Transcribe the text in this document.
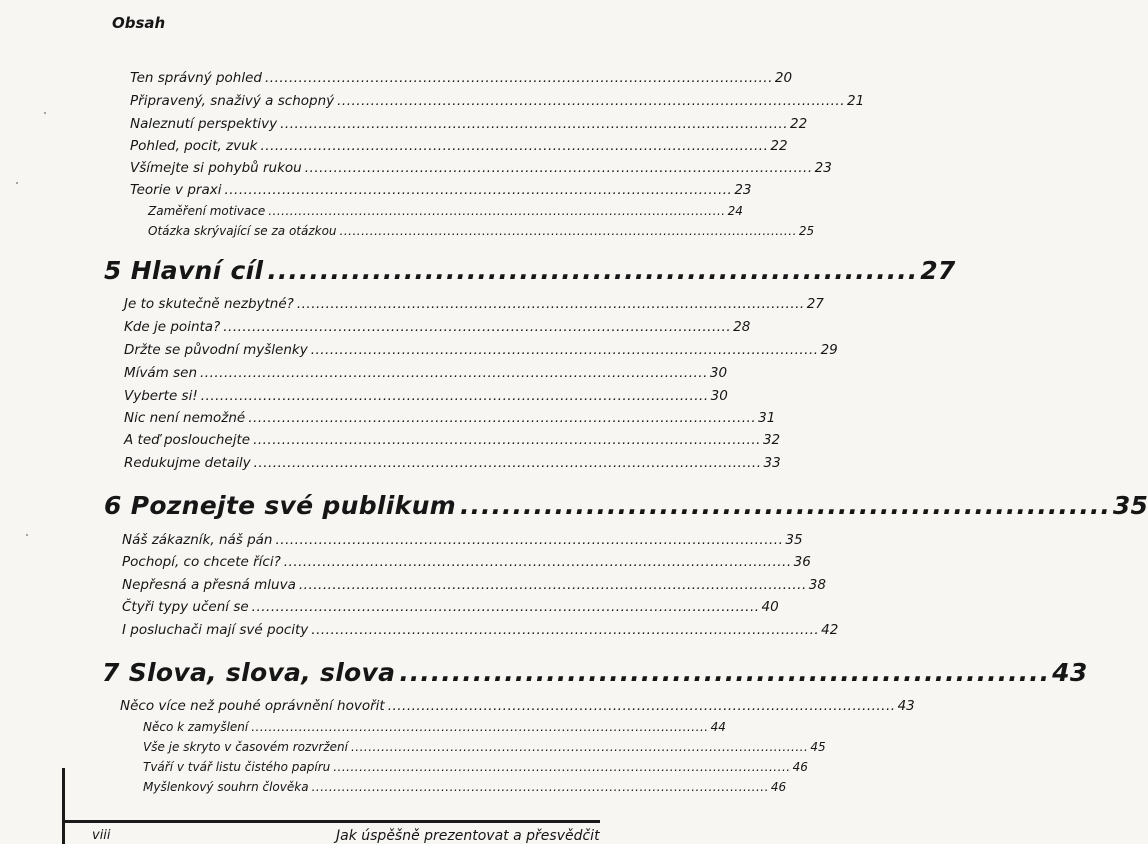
Obsah
Ten správný pohled .......................................................................................................... 20
Připravený, snaživý a schopný .......................................................................................................... 21
Naleznutí perspektivy .......................................................................................................... 22
Pohled, pocit, zvuk .......................................................................................................... 22
Všímejte si pohybů rukou .......................................................................................................... 23
Teorie v praxi .......................................................................................................... 23
Zaměření motivace .......................................................................................................... 24
Otázka skrývající se za otázkou .......................................................................................................... 25
5 Hlavní cíl .............................................................. 27
Je to skutečně nezbytné? .......................................................................................................... 27
Kde je pointa? .......................................................................................................... 28
Držte se původní myšlenky .......................................................................................................... 29
Mívám sen .......................................................................................................... 30
Vyberte si! .......................................................................................................... 30
Nic není nemožné .......................................................................................................... 31
A teď poslouchejte .......................................................................................................... 32
Redukujme detaily .......................................................................................................... 33
6 Poznejte své publikum .............................................................. 35
Náš zákazník, náš pán .......................................................................................................... 35
Pochopí, co chcete říci? .......................................................................................................... 36
Nepřesná a přesná mluva .......................................................................................................... 38
Čtyři typy učení se .......................................................................................................... 40
I posluchači mají své pocity .......................................................................................................... 42
7 Slova, slova, slova .............................................................. 43
Něco více než pouhé oprávnění hovořit .......................................................................................................... 43
Něco k zamyšlení .......................................................................................................... 44
Vše je skryto v časovém rozvržení .......................................................................................................... 45
Tváří v tvář listu čistého papíru .......................................................................................................... 46
Myšlenkový souhrn člověka .......................................................................................................... 46
viii	Jak úspěšně prezentovat a přesvědčit
